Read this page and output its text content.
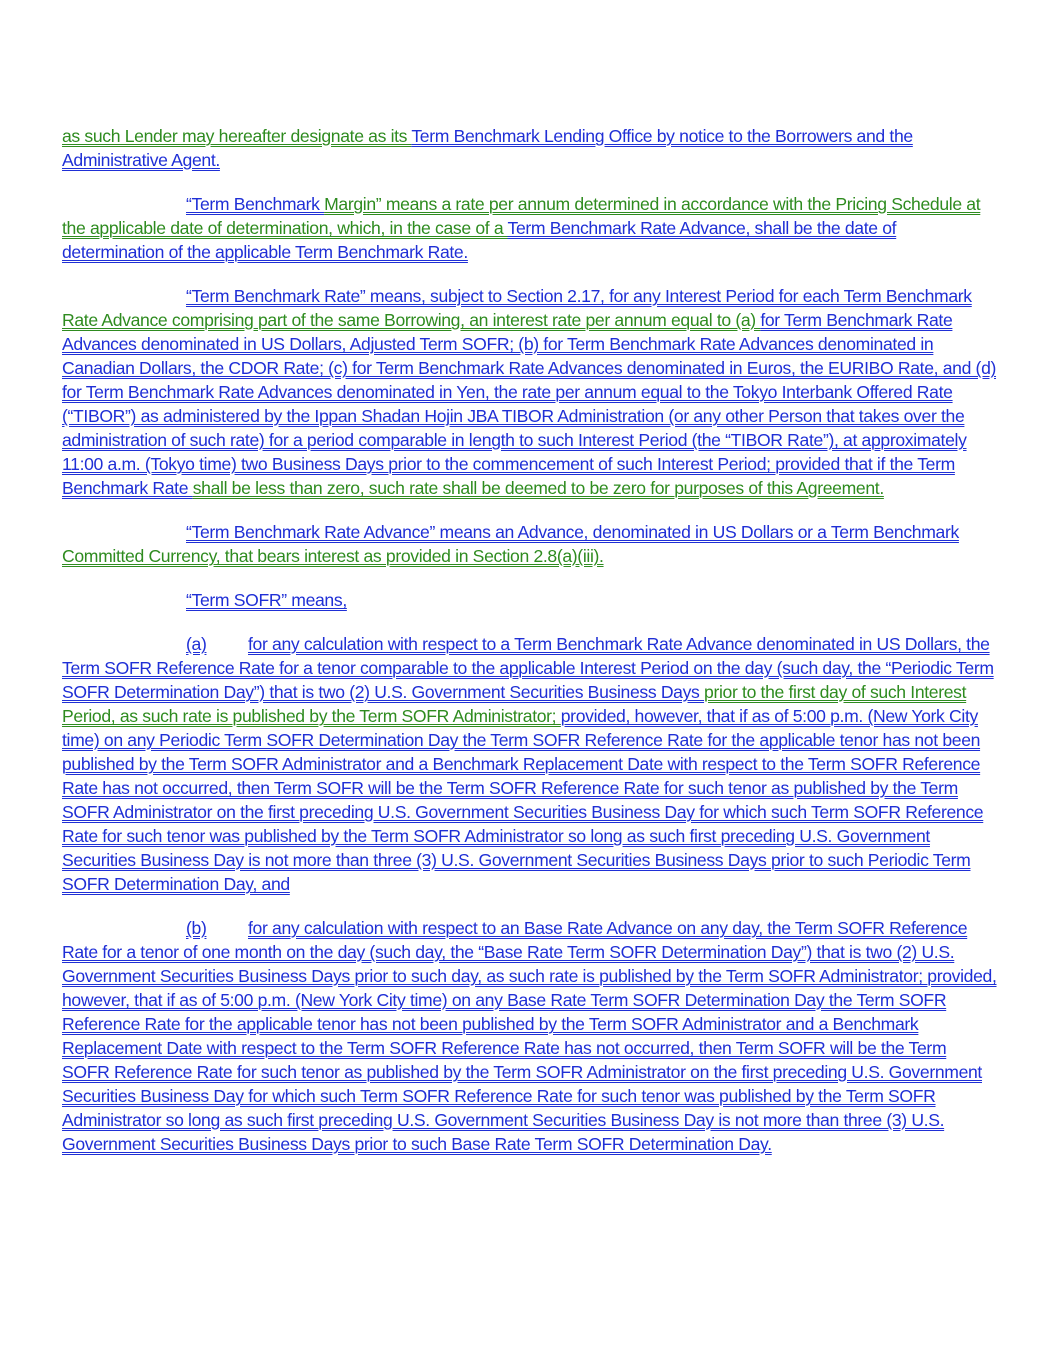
as such Lender may hereafter designate as its Term Benchmark Lending Office by notice to the Borrowers and the Administrative Agent.

“Term Benchmark Margin” means a rate per annum determined in accordance with the Pricing Schedule at the applicable date of determination, which, in the case of a Term Benchmark Rate Advance, shall be the date of determination of the applicable Term Benchmark Rate.

“Term Benchmark Rate” means, subject to Section 2.17, for any Interest Period for each Term Benchmark Rate Advance comprising part of the same Borrowing, an interest rate per annum equal to (a) for Term Benchmark Rate Advances denominated in US Dollars, Adjusted Term SOFR; (b) for Term Benchmark Rate Advances denominated in Canadian Dollars, the CDOR Rate; (c) for Term Benchmark Rate Advances denominated in Euros, the EURIBO Rate, and (d) for Term Benchmark Rate Advances denominated in Yen, the rate per annum equal to the Tokyo Interbank Offered Rate (“TIBOR”) as administered by the Ippan Shadan Hojin JBA TIBOR Administration (or any other Person that takes over the administration of such rate) for a period comparable in length to such Interest Period (the “TIBOR Rate”), at approximately 11:00 a.m. (Tokyo time) two Business Days prior to the commencement of such Interest Period; provided that if the Term Benchmark Rate shall be less than zero, such rate shall be deemed to be zero for purposes of this Agreement.

“Term Benchmark Rate Advance” means an Advance, denominated in US Dollars or a Term Benchmark Committed Currency, that bears interest as provided in Section 2.8(a)(iii).

“Term SOFR” means,

(a) for any calculation with respect to a Term Benchmark Rate Advance denominated in US Dollars, the Term SOFR Reference Rate for a tenor comparable to the applicable Interest Period on the day (such day, the “Periodic Term SOFR Determination Day”) that is two (2) U.S. Government Securities Business Days prior to the first day of such Interest Period, as such rate is published by the Term SOFR Administrator; provided, however, that if as of 5:00 p.m. (New York City time) on any Periodic Term SOFR Determination Day the Term SOFR Reference Rate for the applicable tenor has not been published by the Term SOFR Administrator and a Benchmark Replacement Date with respect to the Term SOFR Reference Rate has not occurred, then Term SOFR will be the Term SOFR Reference Rate for such tenor as published by the Term SOFR Administrator on the first preceding U.S. Government Securities Business Day for which such Term SOFR Reference Rate for such tenor was published by the Term SOFR Administrator so long as such first preceding U.S. Government Securities Business Day is not more than three (3) U.S. Government Securities Business Days prior to such Periodic Term SOFR Determination Day, and

(b) for any calculation with respect to an Base Rate Advance on any day, the Term SOFR Reference Rate for a tenor of one month on the day (such day, the “Base Rate Term SOFR Determination Day”) that is two (2) U.S. Government Securities Business Days prior to such day, as such rate is published by the Term SOFR Administrator; provided, however, that if as of 5:00 p.m. (New York City time) on any Base Rate Term SOFR Determination Day the Term SOFR Reference Rate for the applicable tenor has not been published by the Term SOFR Administrator and a Benchmark Replacement Date with respect to the Term SOFR Reference Rate has not occurred, then Term SOFR will be the Term SOFR Reference Rate for such tenor as published by the Term SOFR Administrator on the first preceding U.S. Government Securities Business Day for which such Term SOFR Reference Rate for such tenor was published by the Term SOFR Administrator so long as such first preceding U.S. Government Securities Business Day is not more than three (3) U.S. Government Securities Business Days prior to such Base Rate Term SOFR Determination Day.
